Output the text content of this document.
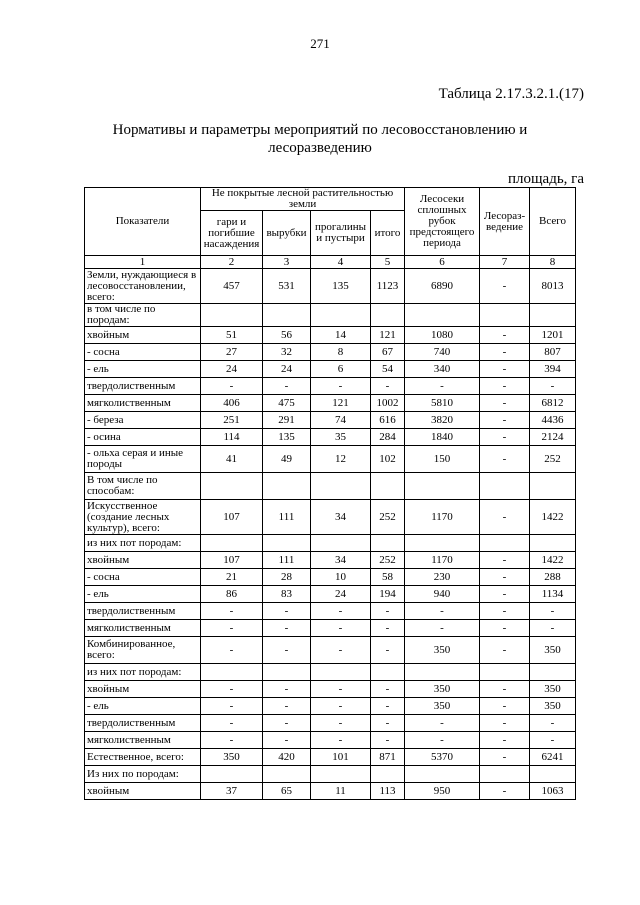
271
Таблица 2.17.3.2.1.(17)
Нормативы и параметры мероприятий по лесовосстановлению и лесоразведению
площадь, га
Показатели	Не покрытые лесной растительностью земли				Лесосеки сплошных рубок предстоящего периода	Лесораз-ведение	Всего
	гари и погибшие насаждения	вырубки	прогалины и пустыри	итого			
1	2	3	4	5	6	7	8
Земли, нуждающиеся в лесовосстановлении, всего:	457	531	135	1123	6890	-	8013
в том числе по породам:							
хвойным	51	56	14	121	1080	-	1201
- сосна	27	32	8	67	740	-	807
- ель	24	24	6	54	340	-	394
твердолиственным	-	-	-	-	-	-	-
мягколиственным	406	475	121	1002	5810	-	6812
- береза	251	291	74	616	3820	-	4436
- осина	114	135	35	284	1840	-	2124
- ольха серая и иные породы	41	49	12	102	150	-	252
В том числе по способам:							
Искусственное (создание лесных культур), всего:	107	111	34	252	1170	-	1422
из них пот породам:							
хвойным	107	111	34	252	1170	-	1422
- сосна	21	28	10	58	230	-	288
- ель	86	83	24	194	940	-	1134
твердолиственным	-	-	-	-	-	-	-
мягколиственным	-	-	-	-	-	-	-
Комбинированное, всего:	-	-	-	-	350	-	350
из них пот породам:							
хвойным	-	-	-	-	350	-	350
- ель	-	-	-	-	350	-	350
твердолиственным	-	-	-	-	-	-	-
мягколиственным	-	-	-	-	-	-	-
Естественное, всего:	350	420	101	871	5370	-	6241
Из них по породам:							
хвойным	37	65	11	113	950	-	1063
